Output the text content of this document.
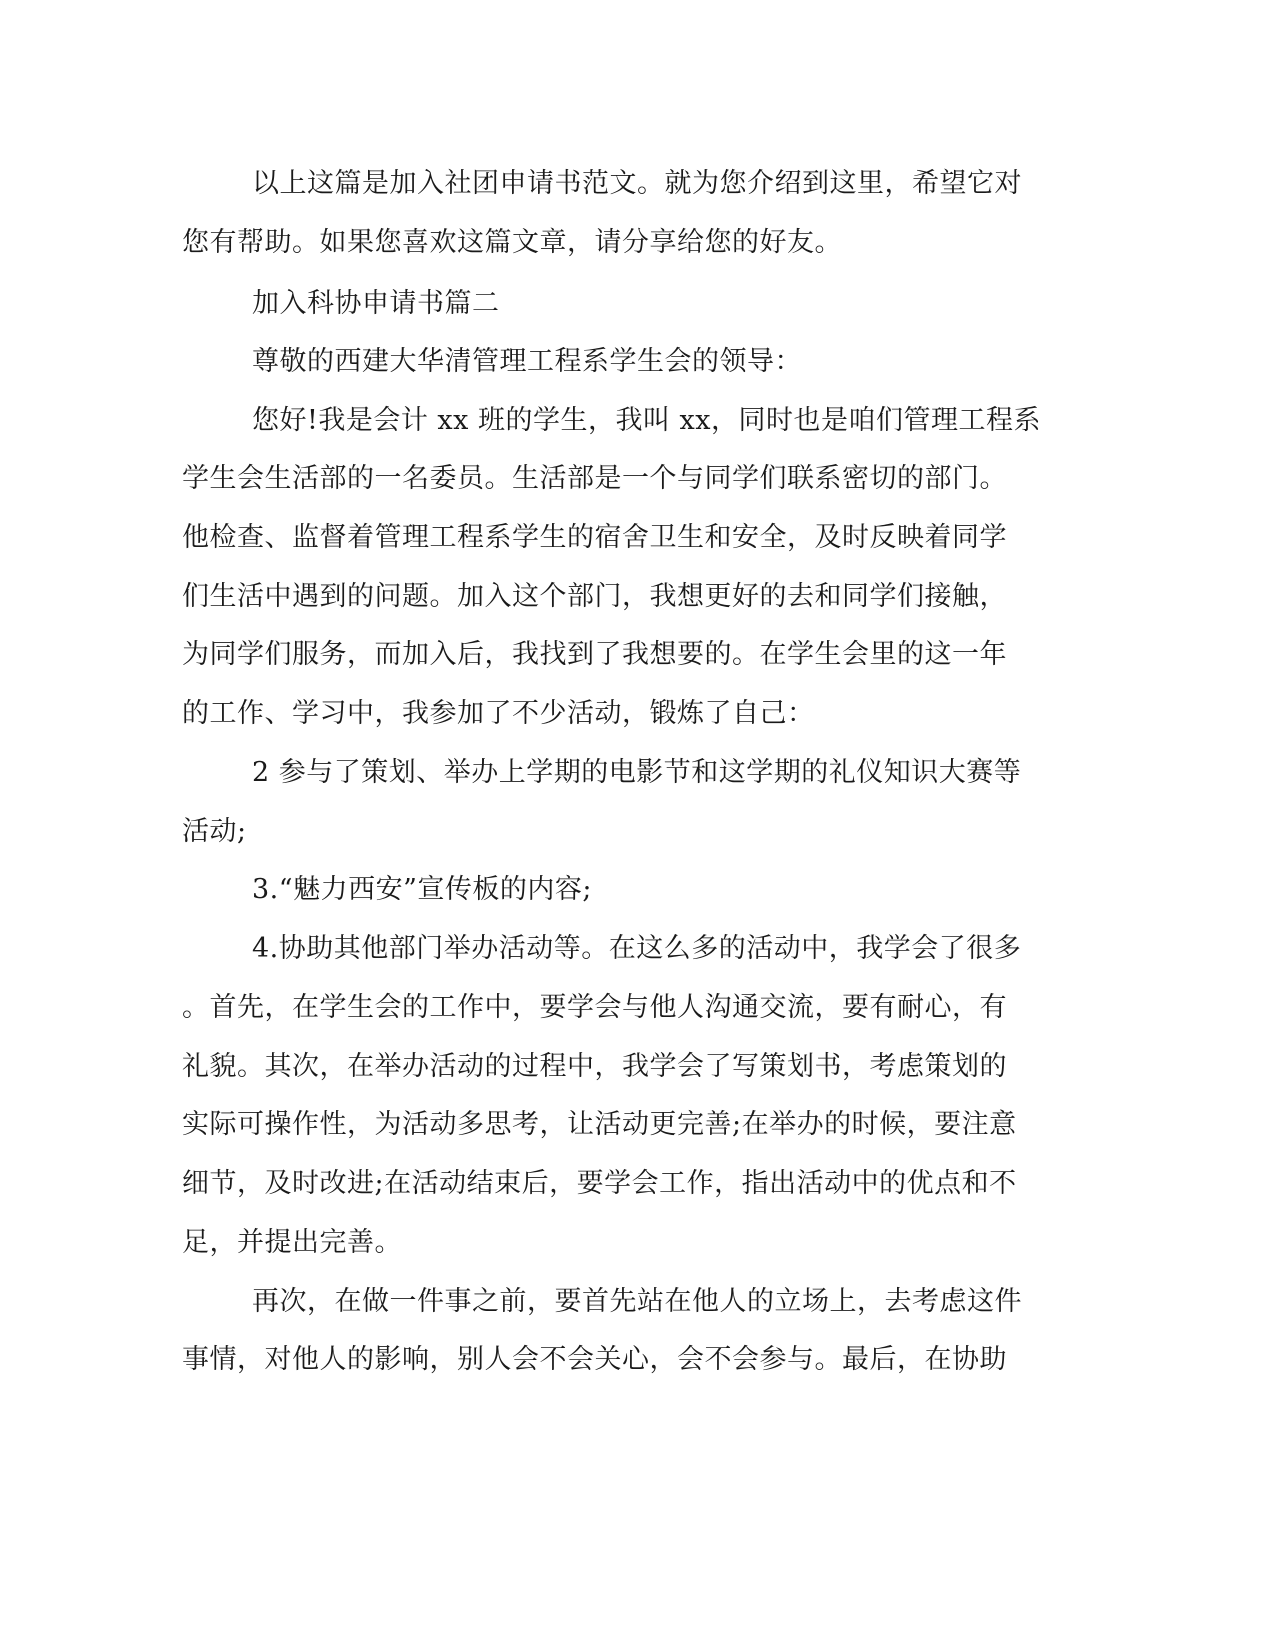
以上这篇是加入社团申请书范文。就为您介绍到这里，希望它对
您有帮助。如果您喜欢这篇文章，请分享给您的好友。
加入科协申请书篇二
尊敬的西建大华清管理工程系学生会的领导：
您好!我是会计 xx 班的学生，我叫 xx，同时也是咱们管理工程系
学生会生活部的一名委员。生活部是一个与同学们联系密切的部门。
他检查、监督着管理工程系学生的宿舍卫生和安全，及时反映着同学
们生活中遇到的问题。加入这个部门，我想更好的去和同学们接触，
为同学们服务，而加入后，我找到了我想要的。在学生会里的这一年
的工作、学习中，我参加了不少活动，锻炼了自己：
2 参与了策划、举办上学期的电影节和这学期的礼仪知识大赛等
活动;
3.“魅力西安”宣传板的内容;
4.协助其他部门举办活动等。在这么多的活动中，我学会了很多
。首先，在学生会的工作中，要学会与他人沟通交流，要有耐心，有
礼貌。其次，在举办活动的过程中，我学会了写策划书，考虑策划的
实际可操作性，为活动多思考，让活动更完善;在举办的时候，要注意
细节，及时改进;在活动结束后，要学会工作，指出活动中的优点和不
足，并提出完善。
再次，在做一件事之前，要首先站在他人的立场上，去考虑这件
事情，对他人的影响，别人会不会关心，会不会参与。最后，在协助
